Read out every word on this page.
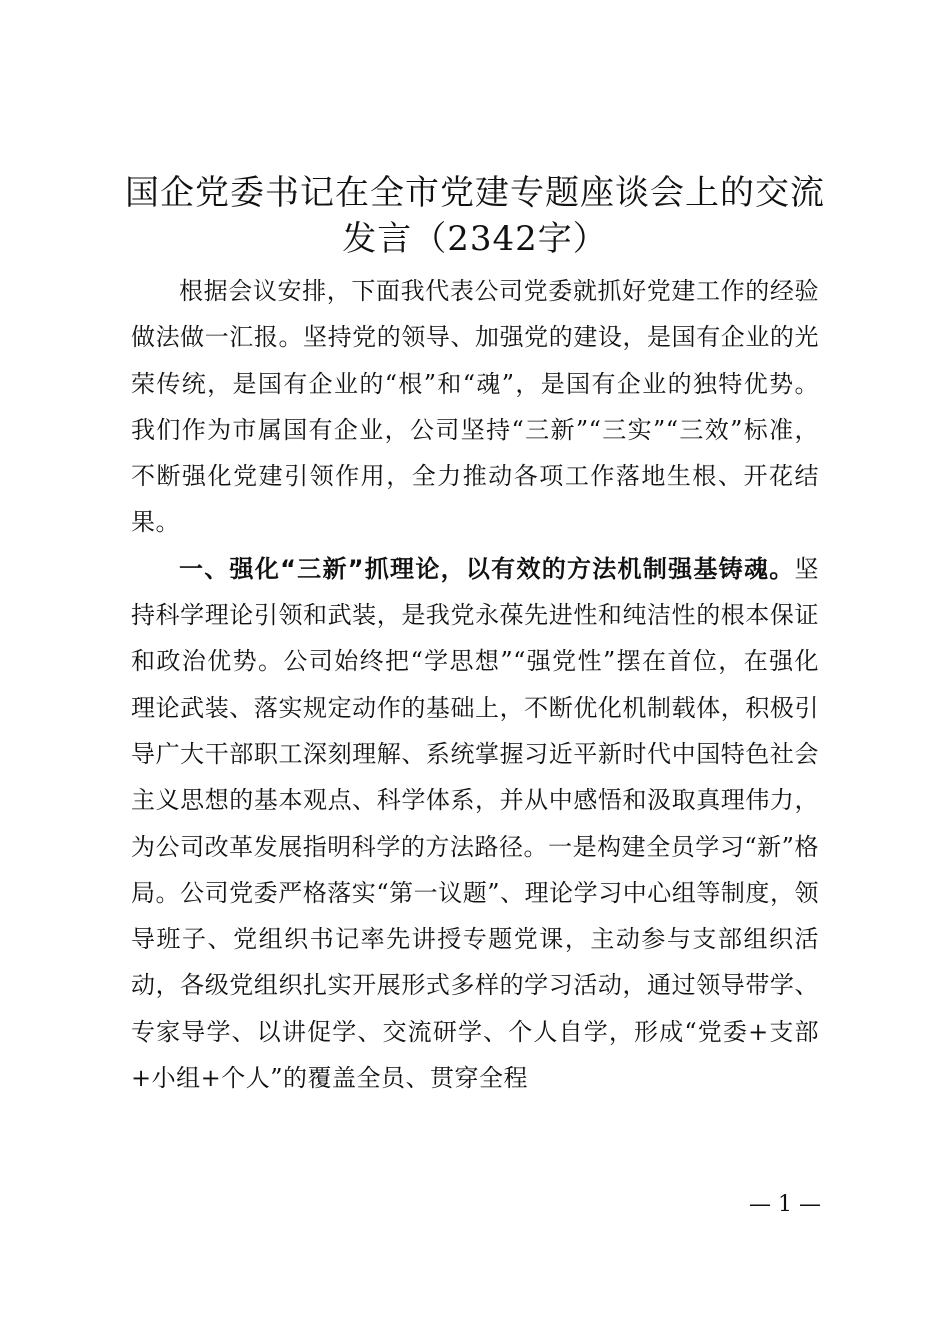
国企党委书记在全市党建专题座谈会上的交流
发言（2342字）

根据会议安排，下面我代表公司党委就抓好党建工作的经验做法做一汇报。坚持党的领导、加强党的建设，是国有企业的光荣传统，是国有企业的“根”和“魂”，是国有企业的独特优势。我们作为市属国有企业，公司坚持“三新”“三实”“三效”标准，不断强化党建引领作用，全力推动各项工作落地生根、开花结果。

一、强化“三新”抓理论，以有效的方法机制强基铸魂。坚持科学理论引领和武装，是我党永葆先进性和纯洁性的根本保证和政治优势。公司始终把“学思想”“强党性”摆在首位，在强化理论武装、落实规定动作的基础上，不断优化机制载体，积极引导广大干部职工深刻理解、系统掌握习近平新时代中国特色社会主义思想的基本观点、科学体系，并从中感悟和汲取真理伟力，为公司改革发展指明科学的方法路径。一是构建全员学习“新”格局。公司党委严格落实“第一议题”、理论学习中心组等制度，领导班子、党组织书记率先讲授专题党课，主动参与支部组织活动，各级党组织扎实开展形式多样的学习活动，通过领导带学、专家导学、以讲促学、交流研学、个人自学，形成“党委+支部+小组+个人”的覆盖全员、贯穿全程

— 1 —
